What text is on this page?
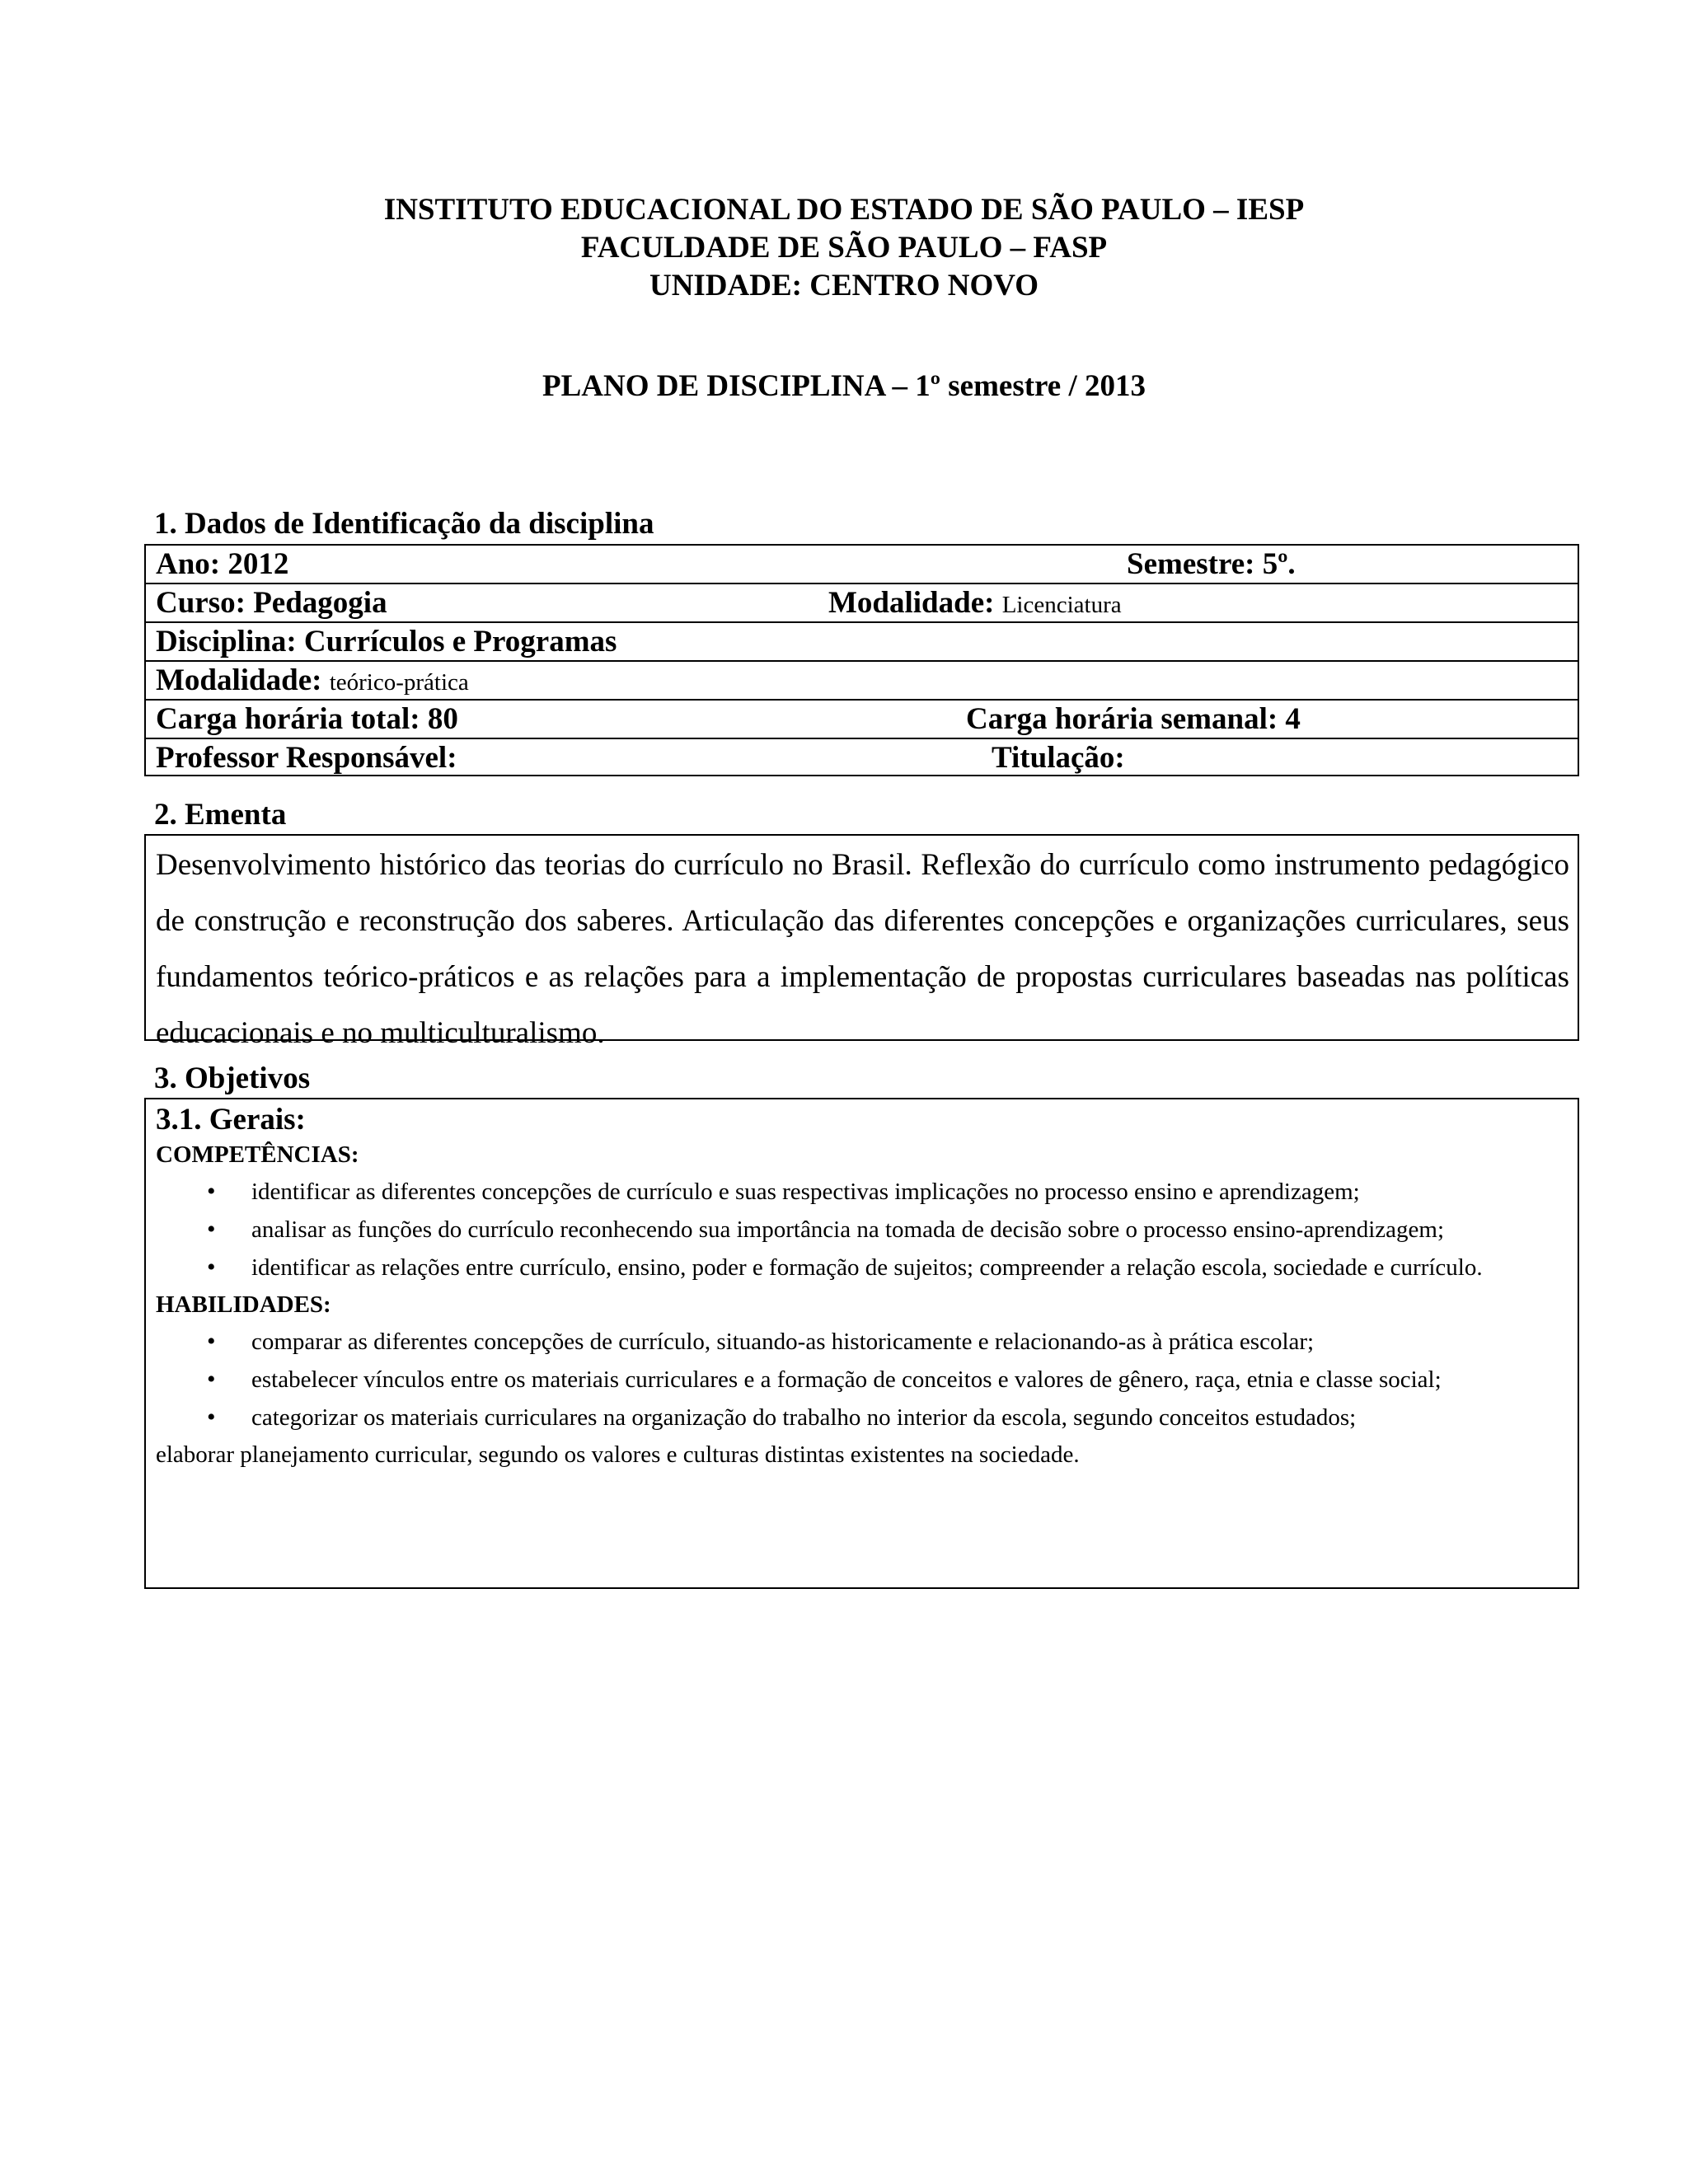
INSTITUTO EDUCACIONAL DO ESTADO DE SÃO PAULO – IESP
FACULDADE DE SÃO PAULO – FASP
UNIDADE: CENTRO NOVO
PLANO DE DISCIPLINA – 1º semestre / 2013
1. Dados de Identificação da disciplina
Ano: 2012	Semestre: 5º.
Curso: Pedagogia	Modalidade: Licenciatura
Disciplina: Currículos e Programas
Modalidade: teórico-prática
Carga horária total: 80	Carga horária semanal: 4
Professor Responsável:	Titulação:
2. Ementa
Desenvolvimento histórico das teorias do currículo no Brasil. Reflexão do currículo como instrumento pedagógico de construção e reconstrução dos saberes. Articulação das diferentes concepções e organizações curriculares, seus fundamentos teórico-práticos e as relações para a implementação de propostas curriculares baseadas nas políticas educacionais e no multiculturalismo.
3. Objetivos
3.1. Gerais:
COMPETÊNCIAS:
• identificar as diferentes concepções de currículo e suas respectivas implicações no processo ensino e aprendizagem;
• analisar as funções do currículo reconhecendo sua importância na tomada de decisão sobre o processo ensino-aprendizagem;
• identificar as relações entre currículo, ensino, poder e formação de sujeitos; compreender a relação escola, sociedade e currículo.
HABILIDADES:
• comparar as diferentes concepções de currículo, situando-as historicamente e relacionando-as à prática escolar;
• estabelecer vínculos entre os materiais curriculares e a formação de conceitos e valores de gênero, raça, etnia e classe social;
• categorizar os materiais curriculares na organização do trabalho no interior da escola, segundo conceitos estudados;
elaborar planejamento curricular, segundo os valores e culturas distintas existentes na sociedade.
